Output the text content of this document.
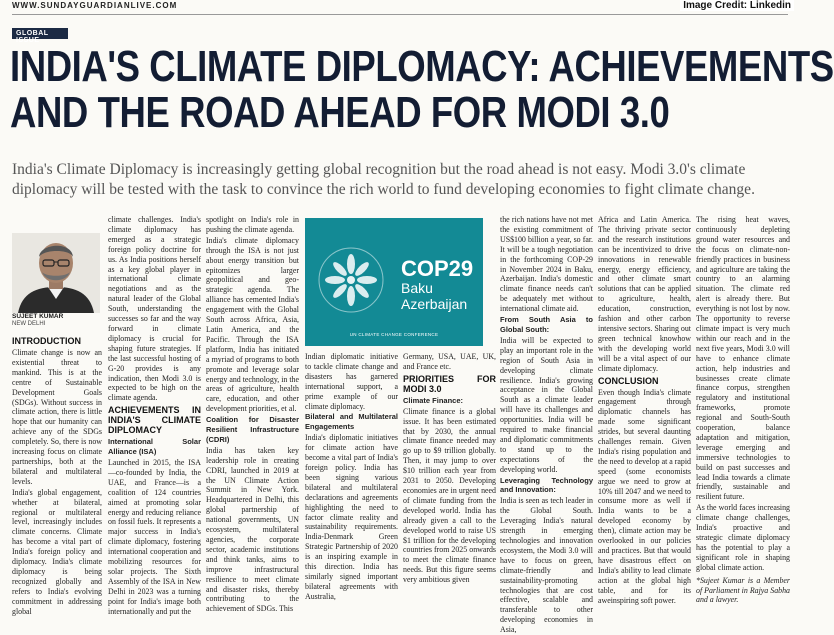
WWW.SUNDAYGUARDIANLIVE.COM	Image Credit: Linkedin
GLOBAL ISSUE
INDIA'S CLIMATE DIPLOMACY: ACHIEVEMENTS
AND THE ROAD AHEAD FOR MODI 3.0
India's Climate Diplomacy is increasingly getting global recognition but the road ahead is not easy. Modi 3.0's climate diplomacy will be tested with the task to convince the rich world to fund developing economies to fight climate change.
SUJEET KUMAR
NEW DELHI
INTRODUCTION

Climate change is now an existential threat to mankind. This is at the centre of Sustainable Development Goals (SDGs). Without success in climate action, there is little hope that our humanity can achieve any of the SDGs completely. So, there is now increasing focus on climate partnerships, both at the bilateral and multilateral levels.

India's global engagement, whether at bilateral, regional or multilateral level, increasingly includes climate concerns. Climate has become a vital part of India's foreign policy and diplomacy. India's climate diplomacy is being recognized globally and refers to India's evolving commitment in addressing global

climate challenges. India's climate diplomacy has emerged as a strategic foreign policy doctrine for us. As India positions herself as a key global player in international climate negotiations and as the natural leader of the Global South, understanding the successes so far and the way forward in climate diplomacy is crucial for shaping future strategies. If the last successful hosting of G-20 provides is any indication, then Modi 3.0 is expected to be high on the climate agenda.

ACHIEVEMENTS IN INDIA'S CLIMATE DIPLOMACY

International Solar Alliance (ISA)

Launched in 2015, the ISA—co-founded by India, the UAE, and France—is a coalition of 124 countries aimed at promoting solar energy and reducing reliance on fossil fuels. It represents a major success in India's climate diplomacy, fostering international cooperation and mobilizing resources for solar projects. The Sixth Assembly of the ISA in New Delhi in 2023 was a turning point for India's image both internationally and put the

spotlight on India's role in pushing the climate agenda.

India's climate diplomacy through the ISA is not just about energy transition but epitomizes larger geopolitical and geo-strategic agenda. The alliance has cemented India's engagement with the Global South across Africa, Asia, Latin America, and the Pacific. Through the ISA platform, India has initiated a myriad of programs to both promote and leverage solar energy and technology, in the areas of agriculture, health care, education, and other development priorities, et al.

Coalition for Disaster Resilient Infrastructure (CDRI)

India has taken key leadership role in creating CDRI, launched in 2019 at the UN Climate Action Summit in New York. Headquartered in Delhi, this global partnership of national governments, UN ecosystem, multilateral agencies, the corporate sector, academic institutions and think tanks, aims to improve infrastructural resilience to meet climate and disaster risks, thereby contributing to the achievement of SDGs. This

COP29
Baku
Azerbaijan
UN CLIMATE CHANGE CONFERENCE

Indian diplomatic initiative to tackle climate change and disasters has garnered international support, a prime example of our climate diplomacy.

Bilateral and Multilateral Engagements

India's diplomatic initiatives for climate action have become a vital part of India's foreign policy. India has been signing various bilateral and multilateral declarations and agreements highlighting the need to factor climate reality and sustainability requirements. India-Denmark Green Strategic Partnership of 2020 is an inspiring example in this direction. India has similarly signed important bilateral agreements with Australia,

Germany, USA, UAE, UK, and France etc.

PRIORITIES FOR MODI 3.0

Climate Finance:

Climate finance is a global issue. It has been estimated that by 2030, the annual climate finance needed may go up to $9 trillion globally. Then, it may jump to over $10 trillion each year from 2031 to 2050. Developing economies are in urgent need of climate funding from the developed world. India has already given a call to the developed world to raise US $1 trillion for the developing countries from 2025 onwards to meet the climate finance needs. But this figure seems very ambitious given

the rich nations have not met the existing commitment of US$100 billion a year, so far. It will be a tough negotiation in the forthcoming COP-29 in November 2024 in Baku, Azerbaijan. India's domestic climate finance needs can't be adequately met without international climate aid.

From South Asia to Global South:

India will be expected to play an important role in the region of South Asia in developing climate resilience. India's growing acceptance in the Global South as a climate leader will have its challenges and opportunities. India will be required to make financial and diplomatic commitments to stand up to the expectations of the developing world.

Leveraging Technology and Innovation:

India is seen as tech leader in the Global South. Leveraging India's natural strength in emerging technologies and innovation ecosystem, the Modi 3.0 will have to focus on green, climate-friendly and sustainability-promoting technologies that are cost effective, scalable and transferable to other developing economies in Asia,

Africa and Latin America. The thriving private sector and the research institutions can be incentivized to drive innovations in renewable energy, energy efficiency, and other climate smart solutions that can be applied to agriculture, health, education, construction, fashion and other carbon intensive sectors. Sharing out green technical knowhow with the developing world will be a vital aspect of our climate diplomacy.

CONCLUSION

Even though India's climate engagement through diplomatic channels has made some significant strides, but several daunting challenges remain. Given India's rising population and the need to develop at a rapid speed (some economists argue we need to grow at 10% till 2047 and we need to consume more as well if India wants to be a developed economy by then), climate action may be overlooked in our policies and practices. But that would have disastrous effect on India's ability to lead climate action at the global high table, and for its aweinspiring soft power.

The rising heat waves, continuously depleting ground water resources and the focus on climate-non-friendly practices in business and agriculture are taking the country to an alarming situation. The climate red alert is already there. But everything is not lost by now. The opportunity to reverse climate impact is very much within our reach and in the next five years, Modi 3.0 will have to enhance climate action, help industries and businesses create climate finance corpus, strengthen regulatory and institutional frameworks, promote regional and South-South cooperation, balance adaptation and mitigation, leverage emerging and immersive technologies to build on past successes and lead India towards a climate friendly, sustainable and resilient future.

As the world faces increasing climate change challenges, India's proactive and strategic climate diplomacy has the potential to play a significant role in shaping global climate action.

*Sujeet Kumar is a Member of Parliament in Rajya Sabha and a lawyer.
